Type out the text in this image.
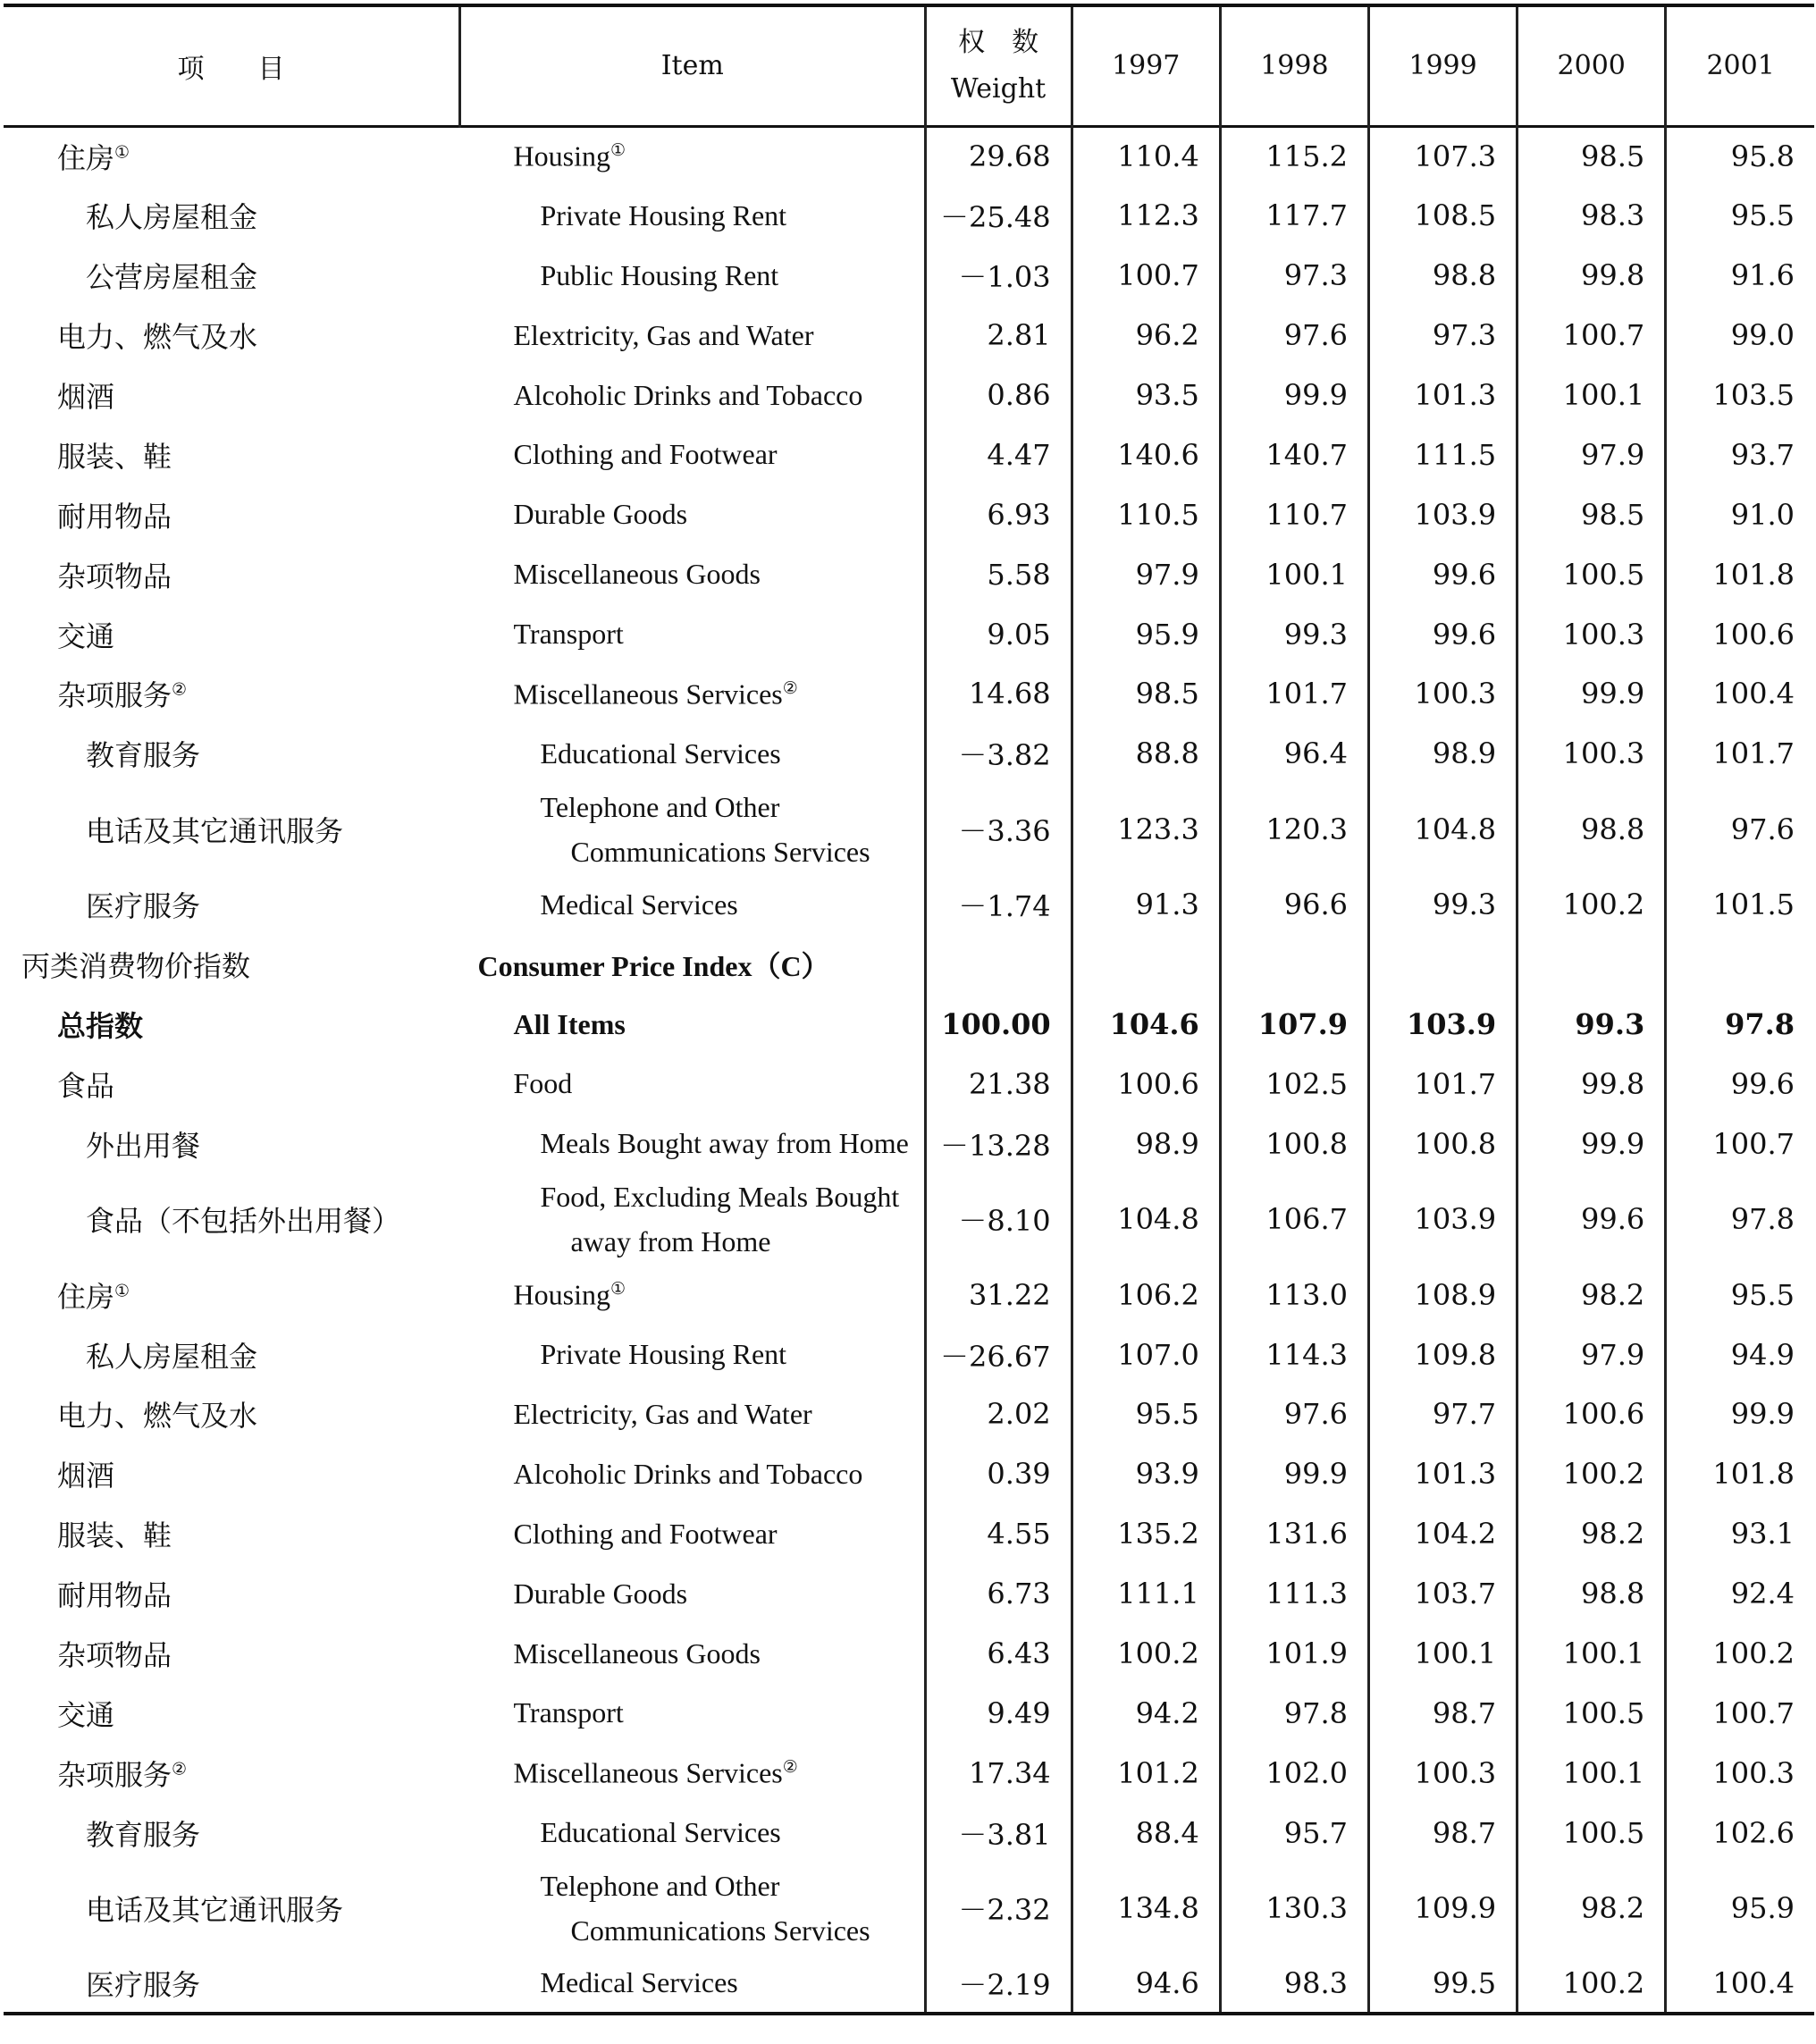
项　　目	Item	权　数
Weight	1997	1998	1999	2000	2001
住房①	Housing①	29.68	110.4	115.2	107.3	98.5	95.8
私人房屋租金	Private Housing Rent	－25.48	112.3	117.7	108.5	98.3	95.5
公营房屋租金	Public Housing Rent	－1.03	100.7	97.3	98.8	99.8	91.6
电力、燃气及水	Elextricity, Gas and Water	2.81	96.2	97.6	97.3	100.7	99.0
烟酒	Alcoholic Drinks and Tobacco	0.86	93.5	99.9	101.3	100.1	103.5
服装、鞋	Clothing and Footwear	4.47	140.6	140.7	111.5	97.9	93.7
耐用物品	Durable Goods	6.93	110.5	110.7	103.9	98.5	91.0
杂项物品	Miscellaneous Goods	5.58	97.9	100.1	99.6	100.5	101.8
交通	Transport	9.05	95.9	99.3	99.6	100.3	100.6
杂项服务②	Miscellaneous Services②	14.68	98.5	101.7	100.3	99.9	100.4
教育服务	Educational Services	－3.82	88.8	96.4	98.9	100.3	101.7
电话及其它通讯服务	Telephone and Other
Communications Services	－3.36	123.3	120.3	104.8	98.8	97.6
医疗服务	Medical Services	－1.74	91.3	96.6	99.3	100.2	101.5
丙类消费物价指数	Consumer Price Index（C）						
总指数	All Items	100.00	104.6	107.9	103.9	99.3	97.8
食品	Food	21.38	100.6	102.5	101.7	99.8	99.6
外出用餐	Meals Bought away from Home	－13.28	98.9	100.8	100.8	99.9	100.7
食品（不包括外出用餐）	Food, Excluding Meals Bought
away from Home	－8.10	104.8	106.7	103.9	99.6	97.8
住房①	Housing①	31.22	106.2	113.0	108.9	98.2	95.5
私人房屋租金	Private Housing Rent	－26.67	107.0	114.3	109.8	97.9	94.9
电力、燃气及水	Electricity, Gas and Water	2.02	95.5	97.6	97.7	100.6	99.9
烟酒	Alcoholic Drinks and Tobacco	0.39	93.9	99.9	101.3	100.2	101.8
服装、鞋	Clothing and Footwear	4.55	135.2	131.6	104.2	98.2	93.1
耐用物品	Durable Goods	6.73	111.1	111.3	103.7	98.8	92.4
杂项物品	Miscellaneous Goods	6.43	100.2	101.9	100.1	100.1	100.2
交通	Transport	9.49	94.2	97.8	98.7	100.5	100.7
杂项服务②	Miscellaneous Services②	17.34	101.2	102.0	100.3	100.1	100.3
教育服务	Educational Services	－3.81	88.4	95.7	98.7	100.5	102.6
电话及其它通讯服务	Telephone and Other
Communications Services	－2.32	134.8	130.3	109.9	98.2	95.9
医疗服务	Medical Services	－2.19	94.6	98.3	99.5	100.2	100.4
